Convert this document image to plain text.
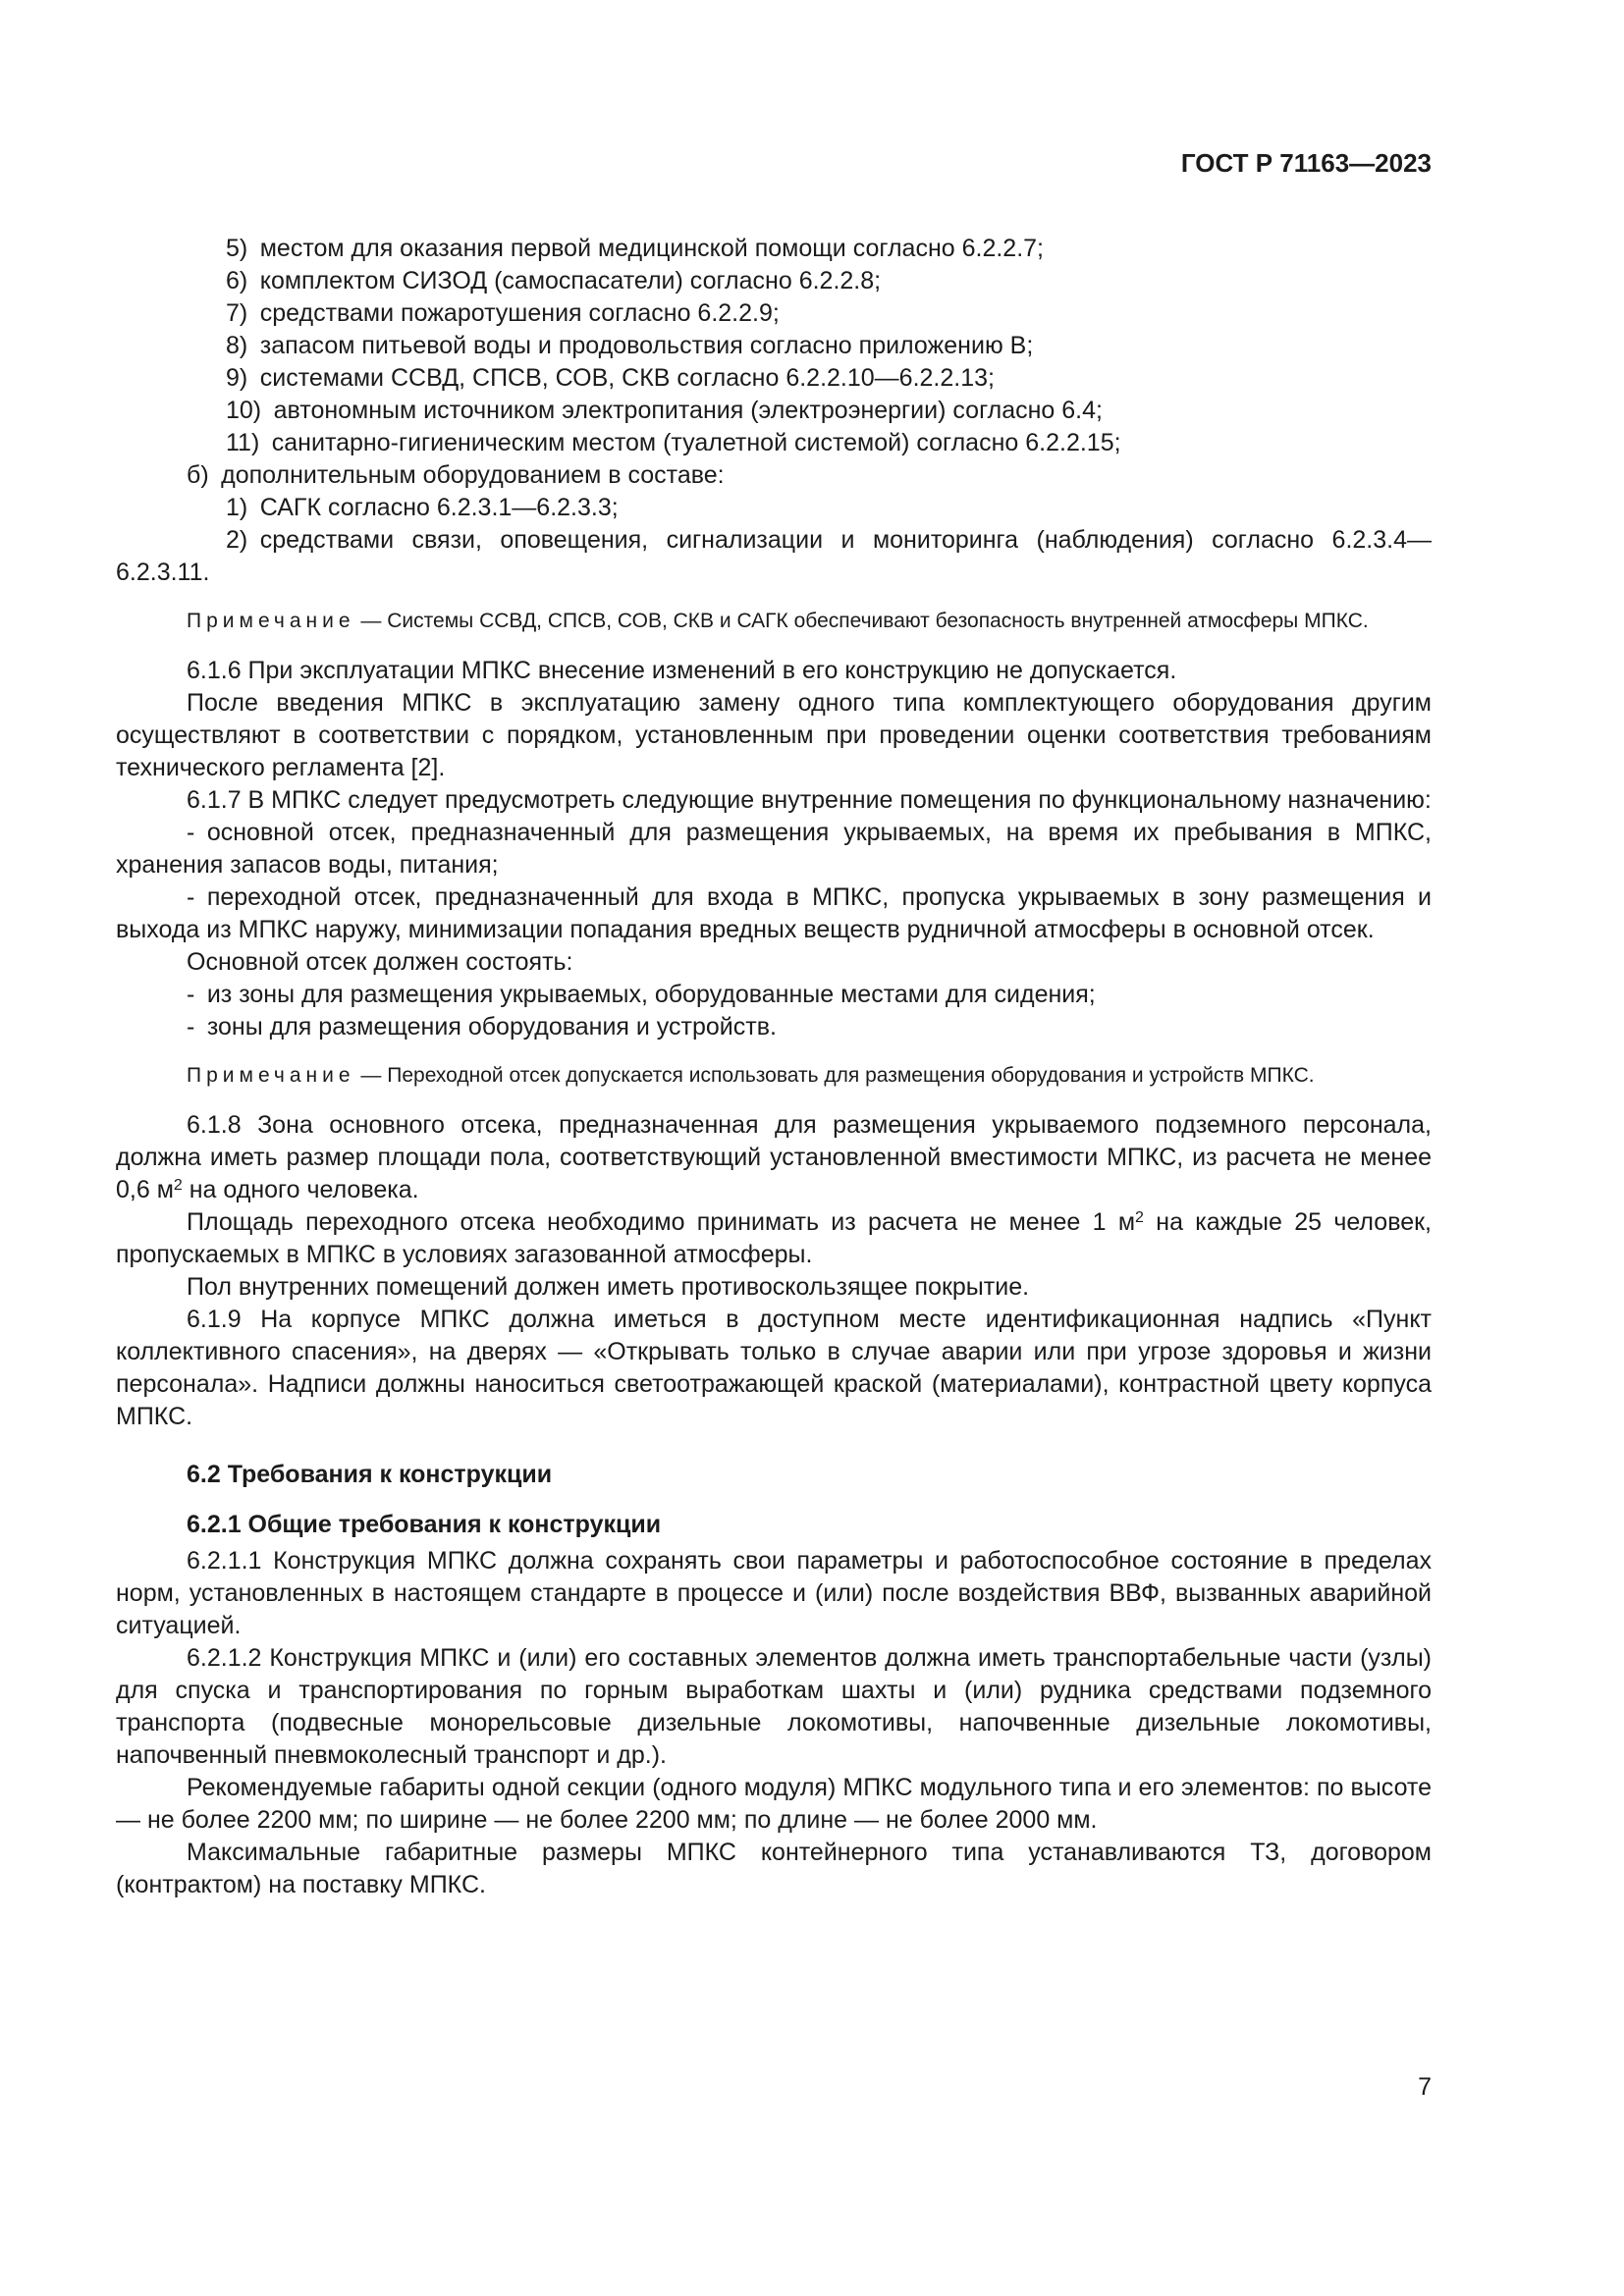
ГОСТ Р 71163—2023

5) местом для оказания первой медицинской помощи согласно 6.2.2.7;

6) комплектом СИЗОД (самоспасатели) согласно 6.2.2.8;

7) средствами пожаротушения согласно 6.2.2.9;

8) запасом питьевой воды и продовольствия согласно приложению В;

9) системами ССВД, СПСВ, СОВ, СКВ согласно 6.2.2.10—6.2.2.13;

10) автономным источником электропитания (электроэнергии) согласно 6.4;

11) санитарно-гигиеническим местом (туалетной системой) согласно 6.2.2.15;

б) дополнительным оборудованием в составе:

1) САГК согласно 6.2.3.1—6.2.3.3;

2) средствами связи, оповещения, сигнализации и мониторинга (наблюдения) согласно 6.2.3.4—6.2.3.11.

Примечание — Системы ССВД, СПСВ, СОВ, СКВ и САГК обеспечивают безопасность внутренней атмосферы МПКС.

6.1.6 При эксплуатации МПКС внесение изменений в его конструкцию не допускается.

После введения МПКС в эксплуатацию замену одного типа комплектующего оборудования другим осуществляют в соответствии с порядком, установленным при проведении оценки соответствия требованиям технического регламента [2].

6.1.7 В МПКС следует предусмотреть следующие внутренние помещения по функциональному назначению:

- основной отсек, предназначенный для размещения укрываемых, на время их пребывания в МПКС, хранения запасов воды, питания;

- переходной отсек, предназначенный для входа в МПКС, пропуска укрываемых в зону размещения и выхода из МПКС наружу, минимизации попадания вредных веществ рудничной атмосферы в основной отсек.

Основной отсек должен состоять:

- из зоны для размещения укрываемых, оборудованные местами для сидения;

- зоны для размещения оборудования и устройств.

Примечание — Переходной отсек допускается использовать для размещения оборудования и устройств МПКС.

6.1.8 Зона основного отсека, предназначенная для размещения укрываемого подземного персонала, должна иметь размер площади пола, соответствующий установленной вместимости МПКС, из расчета не менее 0,6 $м^2$ на одного человека.

Площадь переходного отсека необходимо принимать из расчета не менее 1 $м^2$ на каждые 25 человек, пропускаемых в МПКС в условиях загазованной атмосферы.

Пол внутренних помещений должен иметь противоскользящее покрытие.

6.1.9 На корпусе МПКС должна иметься в доступном месте идентификационная надпись «Пункт коллективного спасения», на дверях — «Открывать только в случае аварии или при угрозе здоровья и жизни персонала». Надписи должны наноситься светоотражающей краской (материалами), контрастной цвету корпуса МПКС.

6.2 Требования к конструкции

6.2.1 Общие требования к конструкции

6.2.1.1 Конструкция МПКС должна сохранять свои параметры и работоспособное состояние в пределах норм, установленных в настоящем стандарте в процессе и (или) после воздействия ВВФ, вызванных аварийной ситуацией.

6.2.1.2 Конструкция МПКС и (или) его составных элементов должна иметь транспортабельные части (узлы) для спуска и транспортирования по горным выработкам шахты и (или) рудника средствами подземного транспорта (подвесные монорельсовые дизельные локомотивы, напочвенные дизельные локомотивы, напочвенный пневмоколесный транспорт и др.).

Рекомендуемые габариты одной секции (одного модуля) МПКС модульного типа и его элементов: по высоте — не более 2200 мм; по ширине — не более 2200 мм; по длине — не более 2000 мм.

Максимальные габаритные размеры МПКС контейнерного типа устанавливаются ТЗ, договором (контрактом) на поставку МПКС.

7
